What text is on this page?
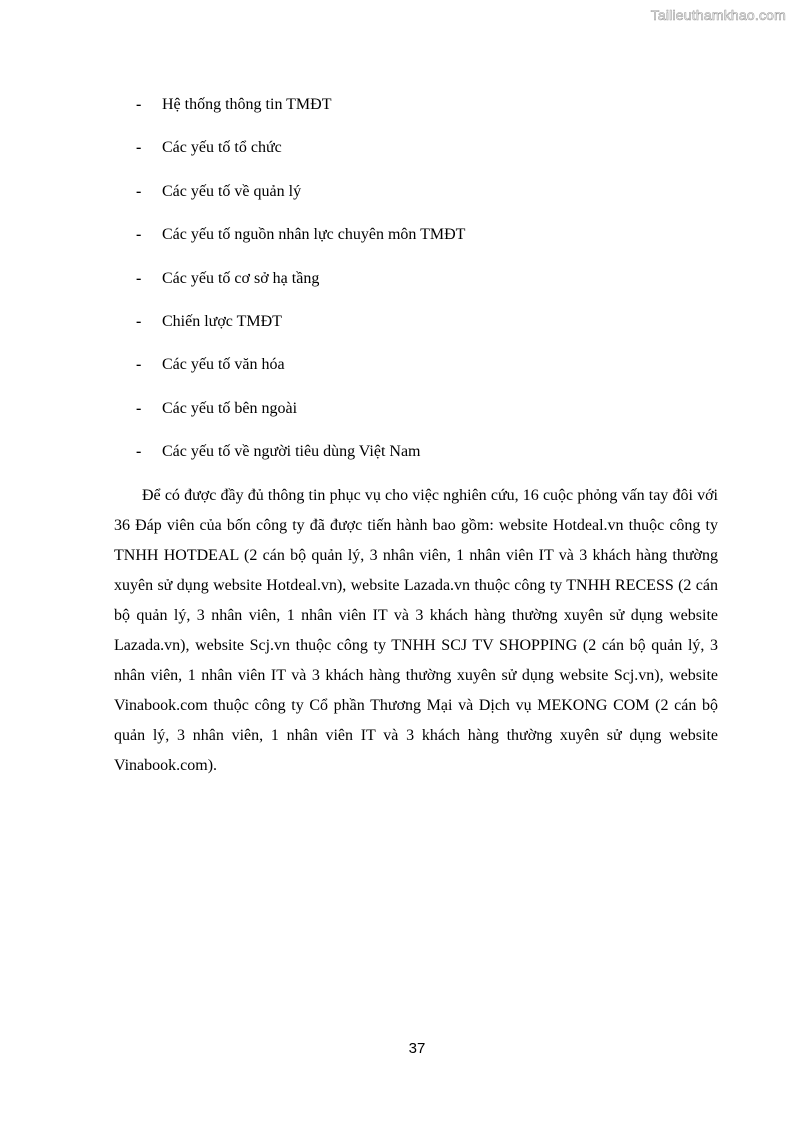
Tailieuthamkhao.com
-	Hệ thống thông tin TMĐT
-	Các yếu tố tổ chức
-	Các yếu tố về quản lý
-	Các yếu tố nguồn nhân lực chuyên môn TMĐT
-	Các yếu tố cơ sở hạ tầng
-	Chiến lược TMĐT
-	Các yếu tố văn hóa
-	Các yếu tố bên ngoài
-	Các yếu tố về người tiêu dùng Việt Nam

Để có được đầy đủ thông tin phục vụ cho việc nghiên cứu, 16 cuộc phỏng vấn tay đôi với 36 Đáp viên của bốn công ty đã được tiến hành bao gồm: website Hotdeal.vn thuộc công ty TNHH HOTDEAL (2 cán bộ quản lý, 3 nhân viên, 1 nhân viên IT và 3 khách hàng thường xuyên sử dụng website Hotdeal.vn), website Lazada.vn thuộc công ty TNHH RECESS (2 cán bộ quản lý, 3 nhân viên, 1 nhân viên IT và 3 khách hàng thường xuyên sử dụng website Lazada.vn), website Scj.vn thuộc công ty TNHH SCJ TV SHOPPING (2 cán bộ quản lý, 3 nhân viên, 1 nhân viên IT và 3 khách hàng thường xuyên sử dụng website Scj.vn), website Vinabook.com thuộc công ty Cổ phần Thương Mại và Dịch vụ MEKONG COM (2 cán bộ quản lý, 3 nhân viên, 1 nhân viên IT và 3 khách hàng thường xuyên sử dụng website Vinabook.com).

37
